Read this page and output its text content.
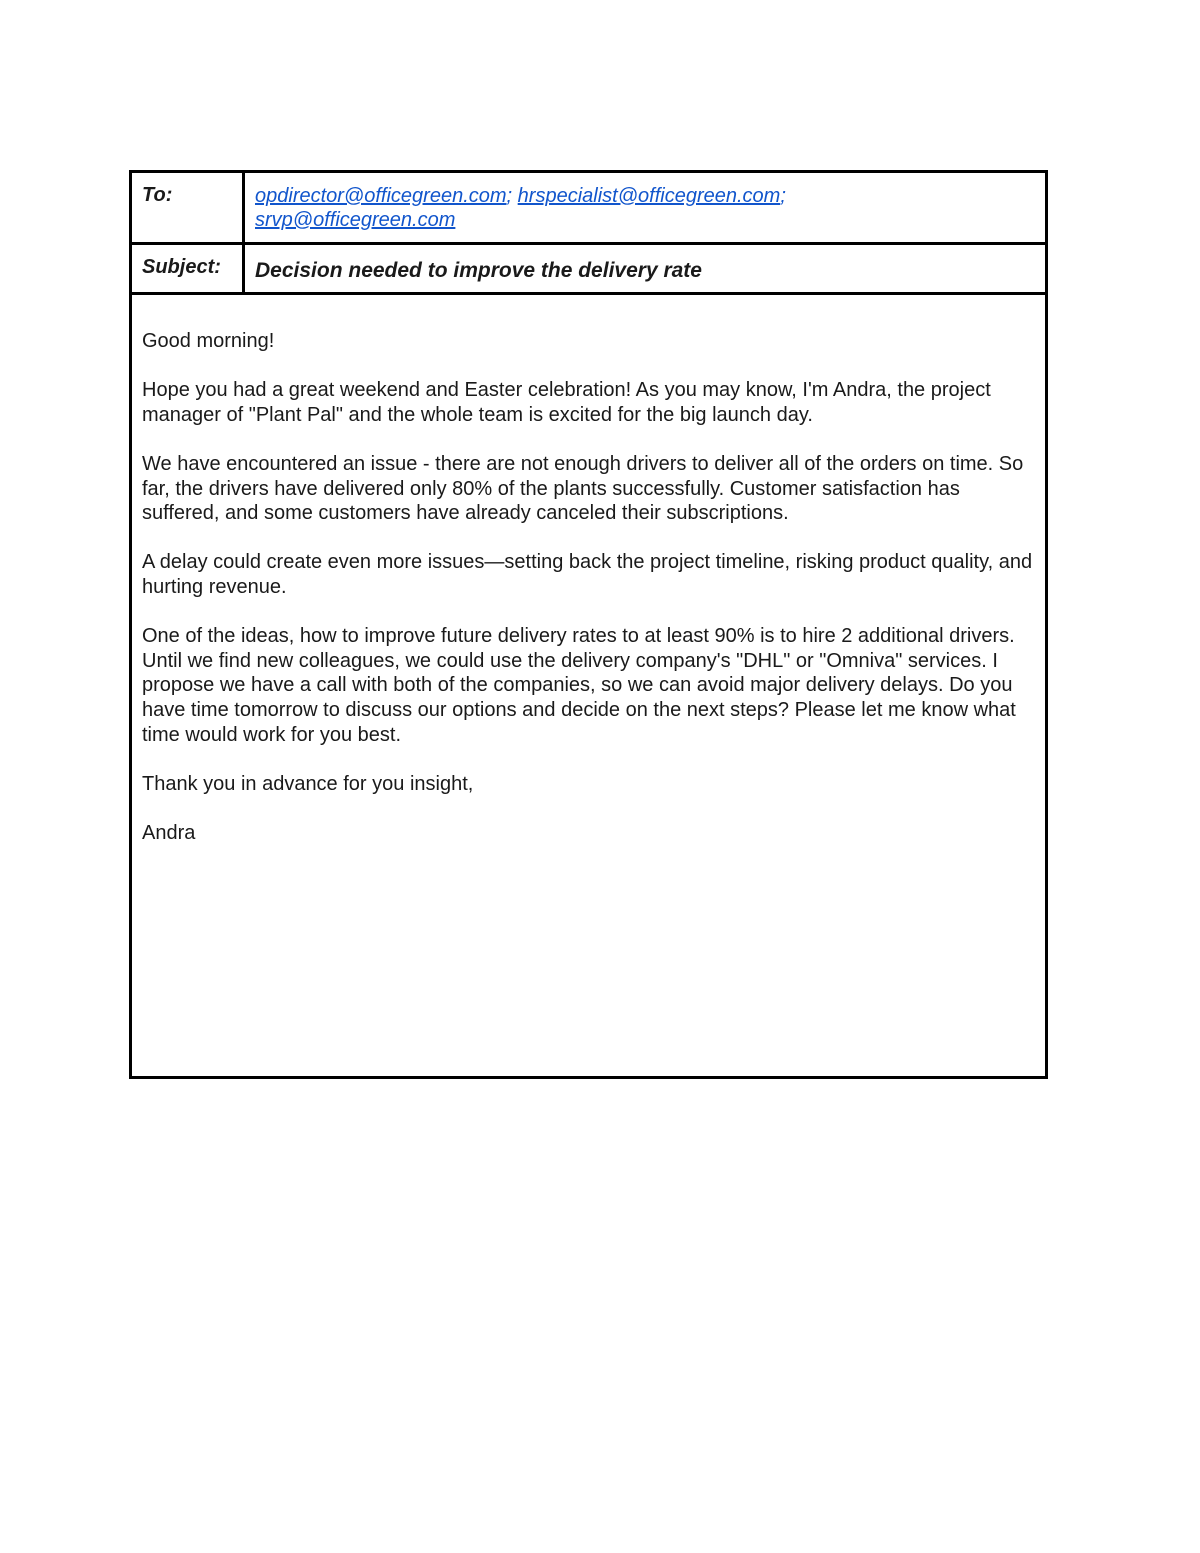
To:	opdirector@officegreen.com; hrspecialist@officegreen.com;
srvp@officegreen.com
Subject:	Decision needed to improve the delivery rate

Good morning!

Hope you had a great weekend and Easter celebration! As you may know, I'm Andra, the project manager of "Plant Pal" and the whole team is excited for the big launch day.

We have encountered an issue - there are not enough drivers to deliver all of the orders on time. So far, the drivers have delivered only 80% of the plants successfully. Customer satisfaction has suffered, and some customers have already canceled their subscriptions.

A delay could create even more issues—setting back the project timeline, risking product quality, and hurting revenue.

One of the ideas, how to improve future delivery rates to at least 90% is to hire 2 additional drivers. Until we find new colleagues, we could use the delivery company's "DHL" or "Omniva" services. I propose we have a call with both of the companies, so we can avoid major delivery delays. Do you have time tomorrow to discuss our options and decide on the next steps? Please let me know what time would work for you best.

Thank you in advance for you insight,

Andra
